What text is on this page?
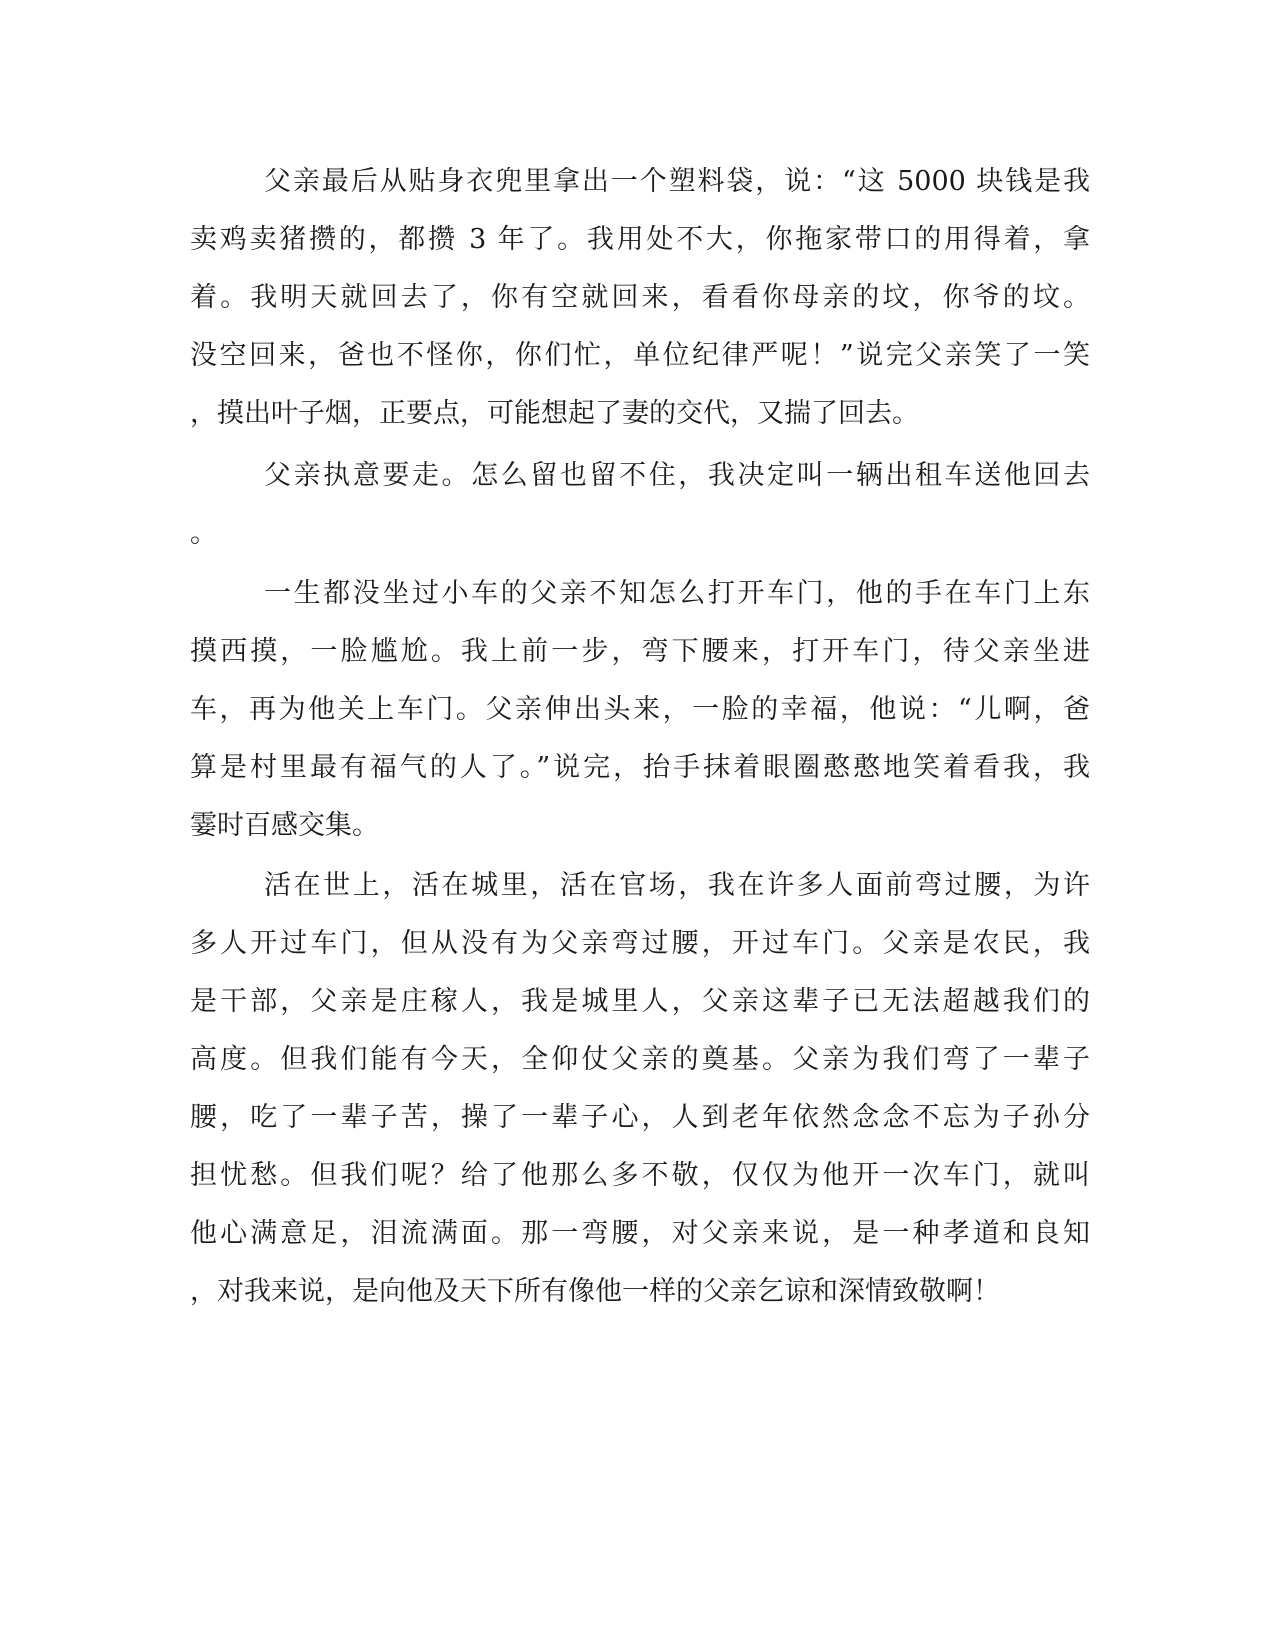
父亲最后从贴身衣兜里拿出一个塑料袋，说：“这 5000 块钱是我
卖鸡卖猪攒的，都攒 3 年了。我用处不大，你拖家带口的用得着，拿
着。我明天就回去了，你有空就回来，看看你母亲的坟，你爷的坟。
没空回来，爸也不怪你，你们忙，单位纪律严呢！”说完父亲笑了一笑
，摸出叶子烟，正要点，可能想起了妻的交代，又揣了回去。
父亲执意要走。怎么留也留不住，我决定叫一辆出租车送他回去
。
一生都没坐过小车的父亲不知怎么打开车门，他的手在车门上东
摸西摸，一脸尴尬。我上前一步，弯下腰来，打开车门，待父亲坐进
车，再为他关上车门。父亲伸出头来，一脸的幸福，他说：“儿啊，爸
算是村里最有福气的人了。”说完，抬手抹着眼圈憨憨地笑着看我，我
霎时百感交集。
活在世上，活在城里，活在官场，我在许多人面前弯过腰，为许
多人开过车门，但从没有为父亲弯过腰，开过车门。父亲是农民，我
是干部，父亲是庄稼人，我是城里人，父亲这辈子已无法超越我们的
高度。但我们能有今天，全仰仗父亲的奠基。父亲为我们弯了一辈子
腰，吃了一辈子苦，操了一辈子心，人到老年依然念念不忘为子孙分
担忧愁。但我们呢？给了他那么多不敬，仅仅为他开一次车门，就叫
他心满意足，泪流满面。那一弯腰，对父亲来说，是一种孝道和良知
，对我来说，是向他及天下所有像他一样的父亲乞谅和深情致敬啊！
